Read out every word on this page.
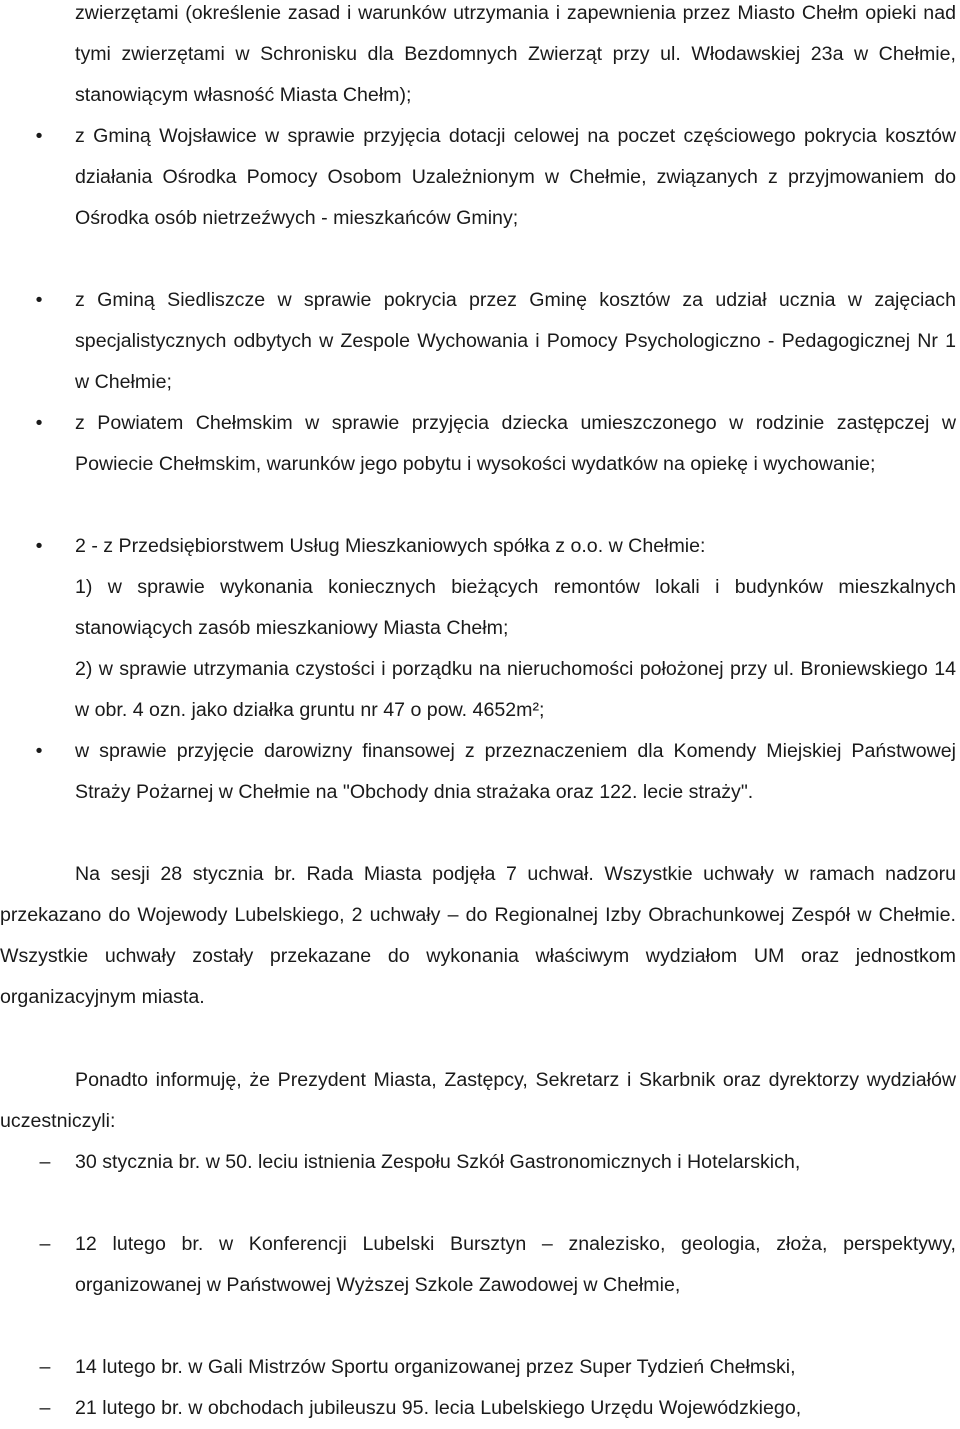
zwierzętami (określenie zasad i warunków utrzymania i zapewnienia przez Miasto Chełm opieki nad tymi zwierzętami w Schronisku dla Bezdomnych Zwierząt przy ul. Włodawskiej 23a w Chełmie, stanowiącym własność Miasta Chełm);
•	z Gminą Wojsławice w sprawie przyjęcia dotacji celowej na poczet częściowego pokrycia kosztów działania Ośrodka Pomocy Osobom Uzależnionym w Chełmie, związanych z przyjmowaniem do Ośrodka osób nietrzeźwych - mieszkańców Gminy;
•	z Gminą Siedliszcze w sprawie pokrycia przez Gminę kosztów za udział ucznia w zajęciach specjalistycznych odbytych w Zespole Wychowania i Pomocy Psychologiczno - Pedagogicznej Nr 1 w Chełmie;
•	z Powiatem Chełmskim w sprawie przyjęcia dziecka umieszczonego w rodzinie zastępczej w Powiecie Chełmskim, warunków jego pobytu i wysokości wydatków na opiekę i wychowanie;
•	2 - z Przedsiębiorstwem Usług Mieszkaniowych spółka z o.o. w Chełmie:
1) w sprawie wykonania koniecznych bieżących remontów lokali i budynków mieszkalnych stanowiących zasób mieszkaniowy Miasta Chełm;
2) w sprawie utrzymania czystości i porządku na nieruchomości położonej przy ul. Broniewskiego 14 w obr. 4 ozn. jako działka gruntu nr 47 o pow. 4652m²;
•	w sprawie przyjęcie darowizny finansowej z przeznaczeniem dla Komendy Miejskiej Państwowej Straży Pożarnej w Chełmie na "Obchody dnia strażaka oraz 122. lecie straży".
Na sesji 28 stycznia br. Rada Miasta podjęła 7 uchwał. Wszystkie uchwały w ramach nadzoru przekazano do Wojewody Lubelskiego, 2 uchwały – do Regionalnej Izby Obrachunkowej Zespół w Chełmie. Wszystkie uchwały zostały przekazane do wykonania właściwym wydziałom UM oraz jednostkom organizacyjnym miasta.
Ponadto informuję, że Prezydent Miasta, Zastępcy, Sekretarz i Skarbnik oraz dyrektorzy wydziałów uczestniczyli:
– 30 stycznia br. w 50. leciu istnienia Zespołu Szkół Gastronomicznych i Hotelarskich,
– 12 lutego br. w Konferencji Lubelski Bursztyn – znalezisko, geologia, złoża, perspektywy, organizowanej w Państwowej Wyższej Szkole Zawodowej w Chełmie,
– 14 lutego br. w Gali Mistrzów Sportu organizowanej przez Super Tydzień Chełmski,
– 21 lutego br. w obchodach jubileuszu 95. lecia Lubelskiego Urzędu Wojewódzkiego,
